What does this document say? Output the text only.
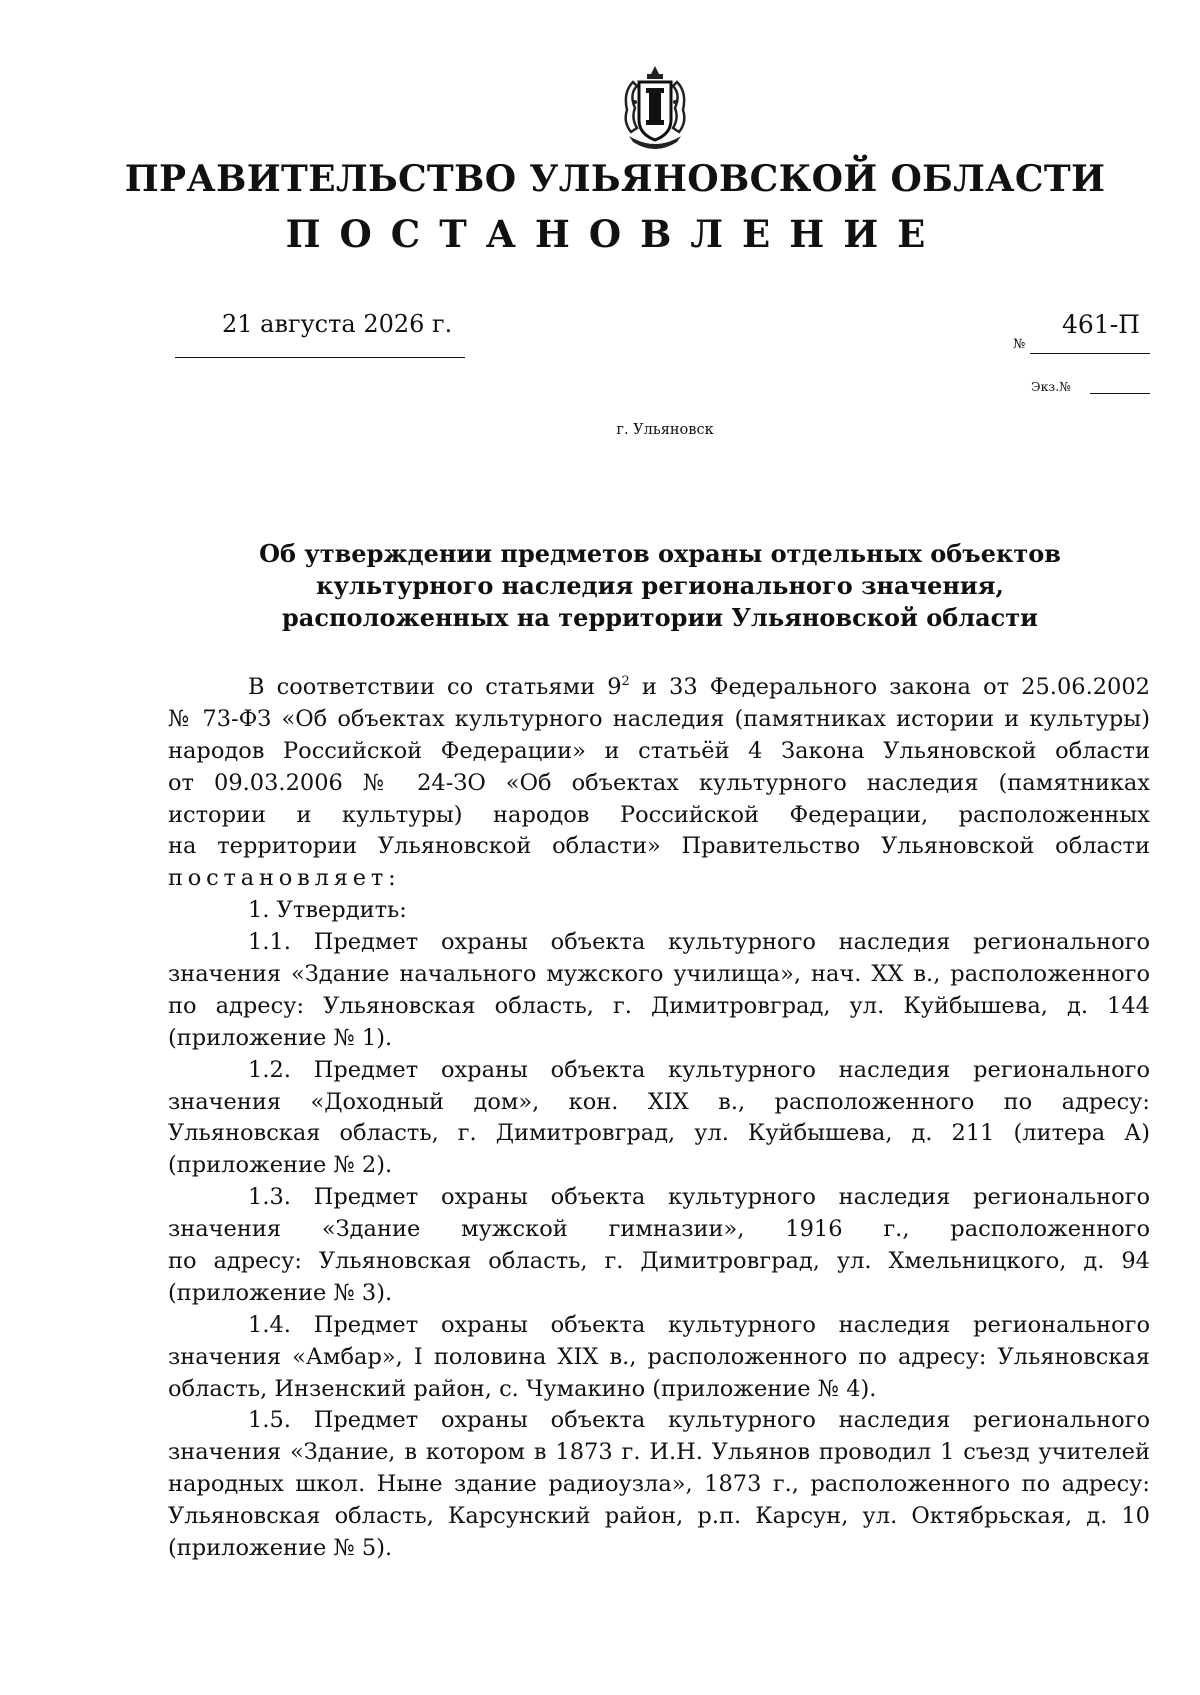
ПРАВИТЕЛЬСТВО УЛЬЯНОВСКОЙ ОБЛАСТИ
ПОСТАНОВЛЕНИЕ
21 августа 2026 г.
№
461-П
Экз.№
г. Ульяновск
Об утверждении предметов охраны отдельных объектов
культурного наследия регионального значения,
расположенных на территории Ульяновской области
В соответствии со статьями $9^2$ и 33 Федерального закона от 25.06.2002
№ 73-ФЗ «Об объектах культурного наследия (памятниках истории и культуры)
народов Российской Федерации» и статьёй 4 Закона Ульяновской области
от 09.03.2006 № 24-ЗО «Об объектах культурного наследия (памятниках
истории и культуры) народов Российской Федерации, расположенных
на территории Ульяновской области» Правительство Ульяновской области
постановляет:
1. Утвердить:
1.1. Предмет охраны объекта культурного наследия регионального
значения «Здание начального мужского училища», нач. XX в., расположенного
по адресу: Ульяновская область, г. Димитровград, ул. Куйбышева, д. 144
(приложение № 1).
1.2. Предмет охраны объекта культурного наследия регионального
значения «Доходный дом», кон. XIX в., расположенного по адресу:
Ульяновская область, г. Димитровград, ул. Куйбышева, д. 211 (литера А)
(приложение № 2).
1.3. Предмет охраны объекта культурного наследия регионального
значения «Здание мужской гимназии», 1916 г., расположенного
по адресу: Ульяновская область, г. Димитровград, ул. Хмельницкого, д. 94
(приложение № 3).
1.4. Предмет охраны объекта культурного наследия регионального
значения «Амбар», I половина XIX в., расположенного по адресу: Ульяновская
область, Инзенский район, с. Чумакино (приложение № 4).
1.5. Предмет охраны объекта культурного наследия регионального
значения «Здание, в котором в 1873 г. И.Н. Ульянов проводил 1 съезд учителей
народных школ. Ныне здание радиоузла», 1873 г., расположенного по адресу:
Ульяновская область, Карсунский район, р.п. Карсун, ул. Октябрьская, д. 10
(приложение № 5).
